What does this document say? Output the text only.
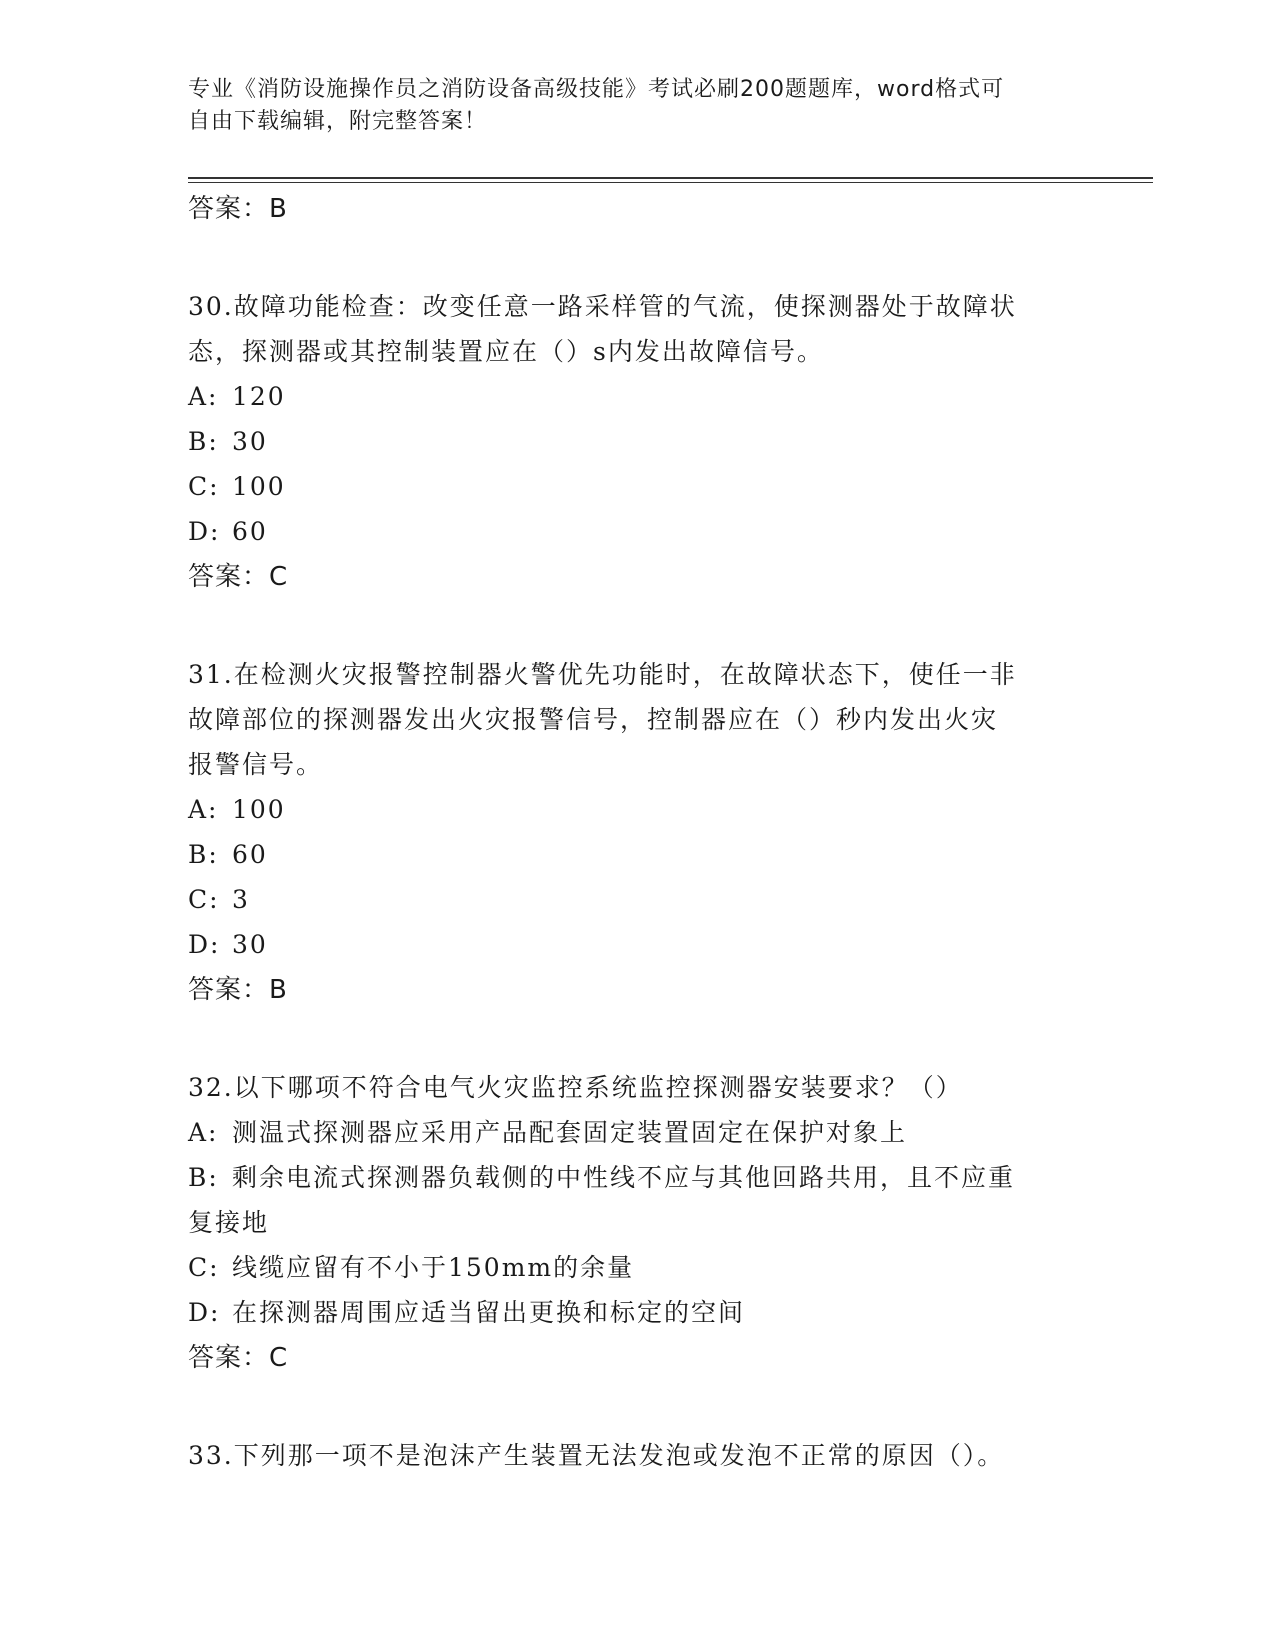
专业《消防设施操作员之消防设备高级技能》考试必刷200题题库，word格式可
自由下载编辑，附完整答案！

答案：B

30.故障功能检查：改变任意一路采样管的气流，使探测器处于故障状

态，探测器或其控制装置应在（）s内发出故障信号。

A: 120

B: 30

C: 100

D: 60

答案：C

31.在检测火灾报警控制器火警优先功能时，在故障状态下，使任一非

故障部位的探测器发出火灾报警信号，控制器应在（）秒内发出火灾

报警信号。

A: 100

B: 60

C: 3

D: 30

答案：B

32.以下哪项不符合电气火灾监控系统监控探测器安装要求？（）

A: 测温式探测器应采用产品配套固定装置固定在保护对象上

B: 剩余电流式探测器负载侧的中性线不应与其他回路共用，且不应重

复接地

C: 线缆应留有不小于150mm的余量

D: 在探测器周围应适当留出更换和标定的空间

答案：C

33.下列那一项不是泡沫产生装置无法发泡或发泡不正常的原因（）。
